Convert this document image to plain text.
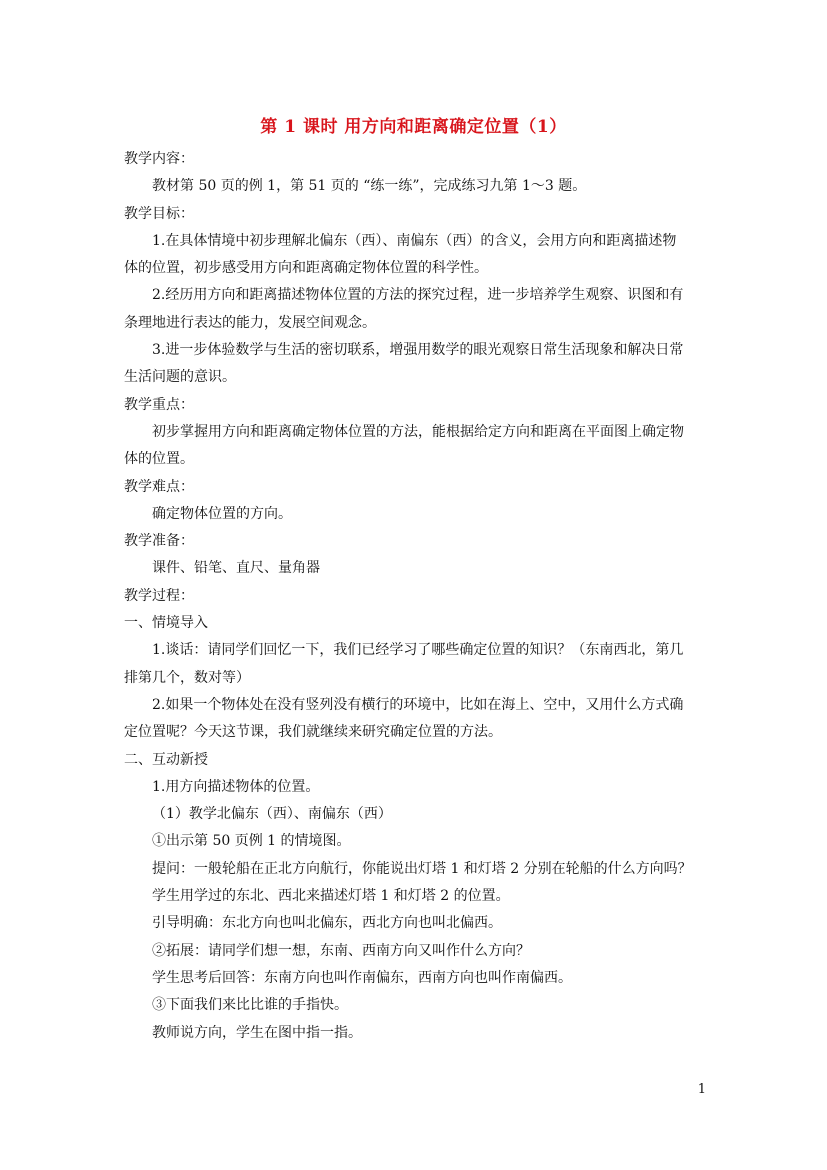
第 1 课时 用方向和距离确定位置（1）
教学内容：
教材第 50 页的例 1，第 51 页的 “练一练”，完成练习九第 1～3 题。
教学目标：
1.在具体情境中初步理解北偏东（西）、南偏东（西）的含义，会用方向和距离描述物
体的位置，初步感受用方向和距离确定物体位置的科学性。
2.经历用方向和距离描述物体位置的方法的探究过程，进一步培养学生观察、识图和有
条理地进行表达的能力，发展空间观念。
3.进一步体验数学与生活的密切联系，增强用数学的眼光观察日常生活现象和解决日常
生活问题的意识。
教学重点：
初步掌握用方向和距离确定物体位置的方法，能根据给定方向和距离在平面图上确定物
体的位置。
教学难点：
确定物体位置的方向。
教学准备：
课件、铅笔、直尺、量角器
教学过程：
一、情境导入
1.谈话：请同学们回忆一下，我们已经学习了哪些确定位置的知识？（东南西北，第几
排第几个，数对等）
2.如果一个物体处在没有竖列没有横行的环境中，比如在海上、空中，又用什么方式确
定位置呢？今天这节课，我们就继续来研究确定位置的方法。
二、互动新授
1.用方向描述物体的位置。
（1）教学北偏东（西）、南偏东（西）
①出示第 50 页例 1 的情境图。
提问：一般轮船在正北方向航行，你能说出灯塔 1 和灯塔 2 分别在轮船的什么方向吗？
学生用学过的东北、西北来描述灯塔 1 和灯塔 2 的位置。
引导明确：东北方向也叫北偏东，西北方向也叫北偏西。
②拓展：请同学们想一想，东南、西南方向又叫作什么方向？
学生思考后回答：东南方向也叫作南偏东，西南方向也叫作南偏西。
③下面我们来比比谁的手指快。
教师说方向，学生在图中指一指。
1
